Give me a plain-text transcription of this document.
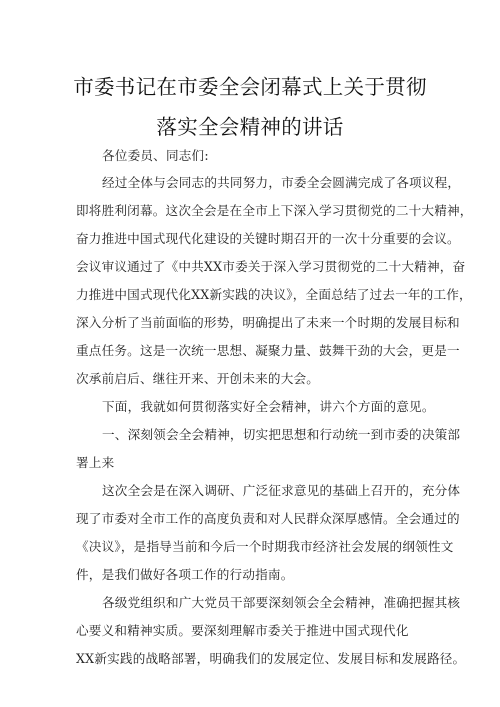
市委书记在市委全会闭幕式上关于贯彻
落实全会精神的讲话
各位委员、同志们:
经过全体与会同志的共同努力，市委全会圆满完成了各项议程，
即将胜利闭幕。这次全会是在全市上下深入学习贯彻党的二十大精神，
奋力推进中国式现代化建设的关键时期召开的一次十分重要的会议。
会议审议通过了《中共XX市委关于深入学习贯彻党的二十大精神，奋
力推进中国式现代化XX新实践的决议》，全面总结了过去一年的工作，
深入分析了当前面临的形势，明确提出了未来一个时期的发展目标和
重点任务。这是一次统一思想、凝聚力量、鼓舞干劲的大会，更是一
次承前启后、继往开来、开创未来的大会。
下面，我就如何贯彻落实好全会精神，讲六个方面的意见。
一、深刻领会全会精神，切实把思想和行动统一到市委的决策部
署上来
这次全会是在深入调研、广泛征求意见的基础上召开的，充分体
现了市委对全市工作的高度负责和对人民群众深厚感情。全会通过的
《决议》，是指导当前和今后一个时期我市经济社会发展的纲领性文
件，是我们做好各项工作的行动指南。
各级党组织和广大党员干部要深刻领会全会精神，准确把握其核
心要义和精神实质。要深刻理解市委关于推进中国式现代化
XX新实践的战略部署，明确我们的发展定位、发展目标和发展路径。
